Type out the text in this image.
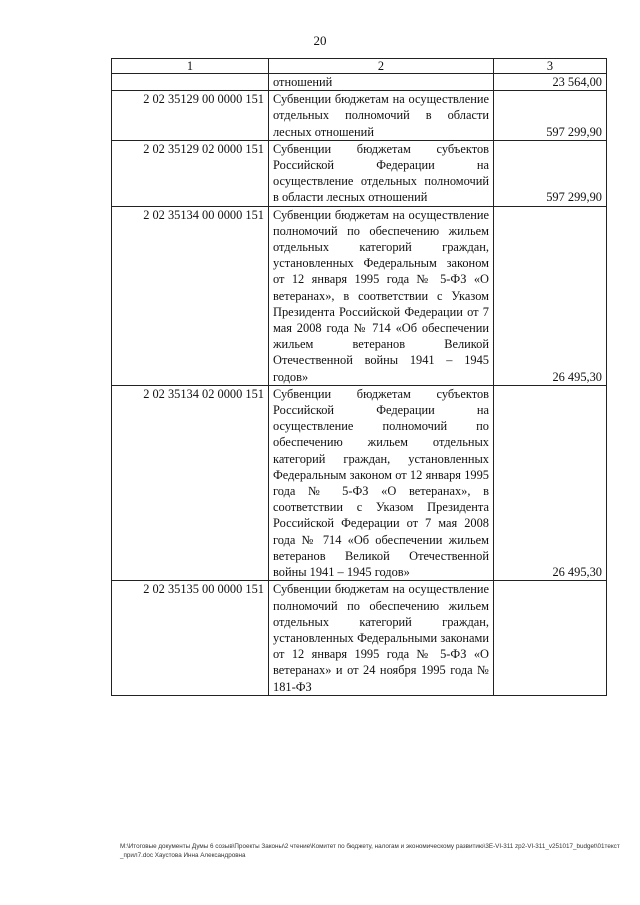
20
1	2	3
	отношений	23 564,00
2 02 35129 00 0000 151	Субвенции бюджетам на осуществление отдельных полномочий в области лесных отношений	597 299,90
2 02 35129 02 0000 151	Субвенции бюджетам субъектов Российской Федерации на осуществление отдельных полномочий в области лесных отношений	597 299,90
2 02 35134 00 0000 151	Субвенции бюджетам на осуществление полномочий по обеспечению жильем отдельных категорий граждан, установленных Федеральным законом от 12 января 1995 года № 5-ФЗ «О ветеранах», в соответствии с Указом Президента Российской Федерации от 7 мая 2008 года № 714 «Об обеспечении жильем ветеранов Великой Отечественной войны 1941 – 1945 годов»	26 495,30
2 02 35134 02 0000 151	Субвенции бюджетам субъектов Российской Федерации на осуществление полномочий по обеспечению жильем отдельных категорий граждан, установленных Федеральным законом от 12 января 1995 года № 5-ФЗ «О ветеранах», в соответствии с Указом Президента Российской Федерации от 7 мая 2008 года № 714 «Об обеспечении жильем ветеранов Великой Отечественной войны 1941 – 1945 годов»	26 495,30
2 02 35135 00 0000 151	Субвенции бюджетам на осуществление полномочий по обеспечению жильем отдельных категорий граждан, установленных Федеральными законами от 12 января 1995 года № 5-ФЗ «О ветеранах» и от 24 ноября 1995 года № 181-ФЗ	
M:\Итоговые документы Думы 6 созыв\Проекты Законы\2 чтение\Комитет по бюджету, налогам и экономическому развитию\3Е-VI-311 zp2-VI-311_v251017_budget\01текст_прил7.doc Хаустова Инна Александровна
